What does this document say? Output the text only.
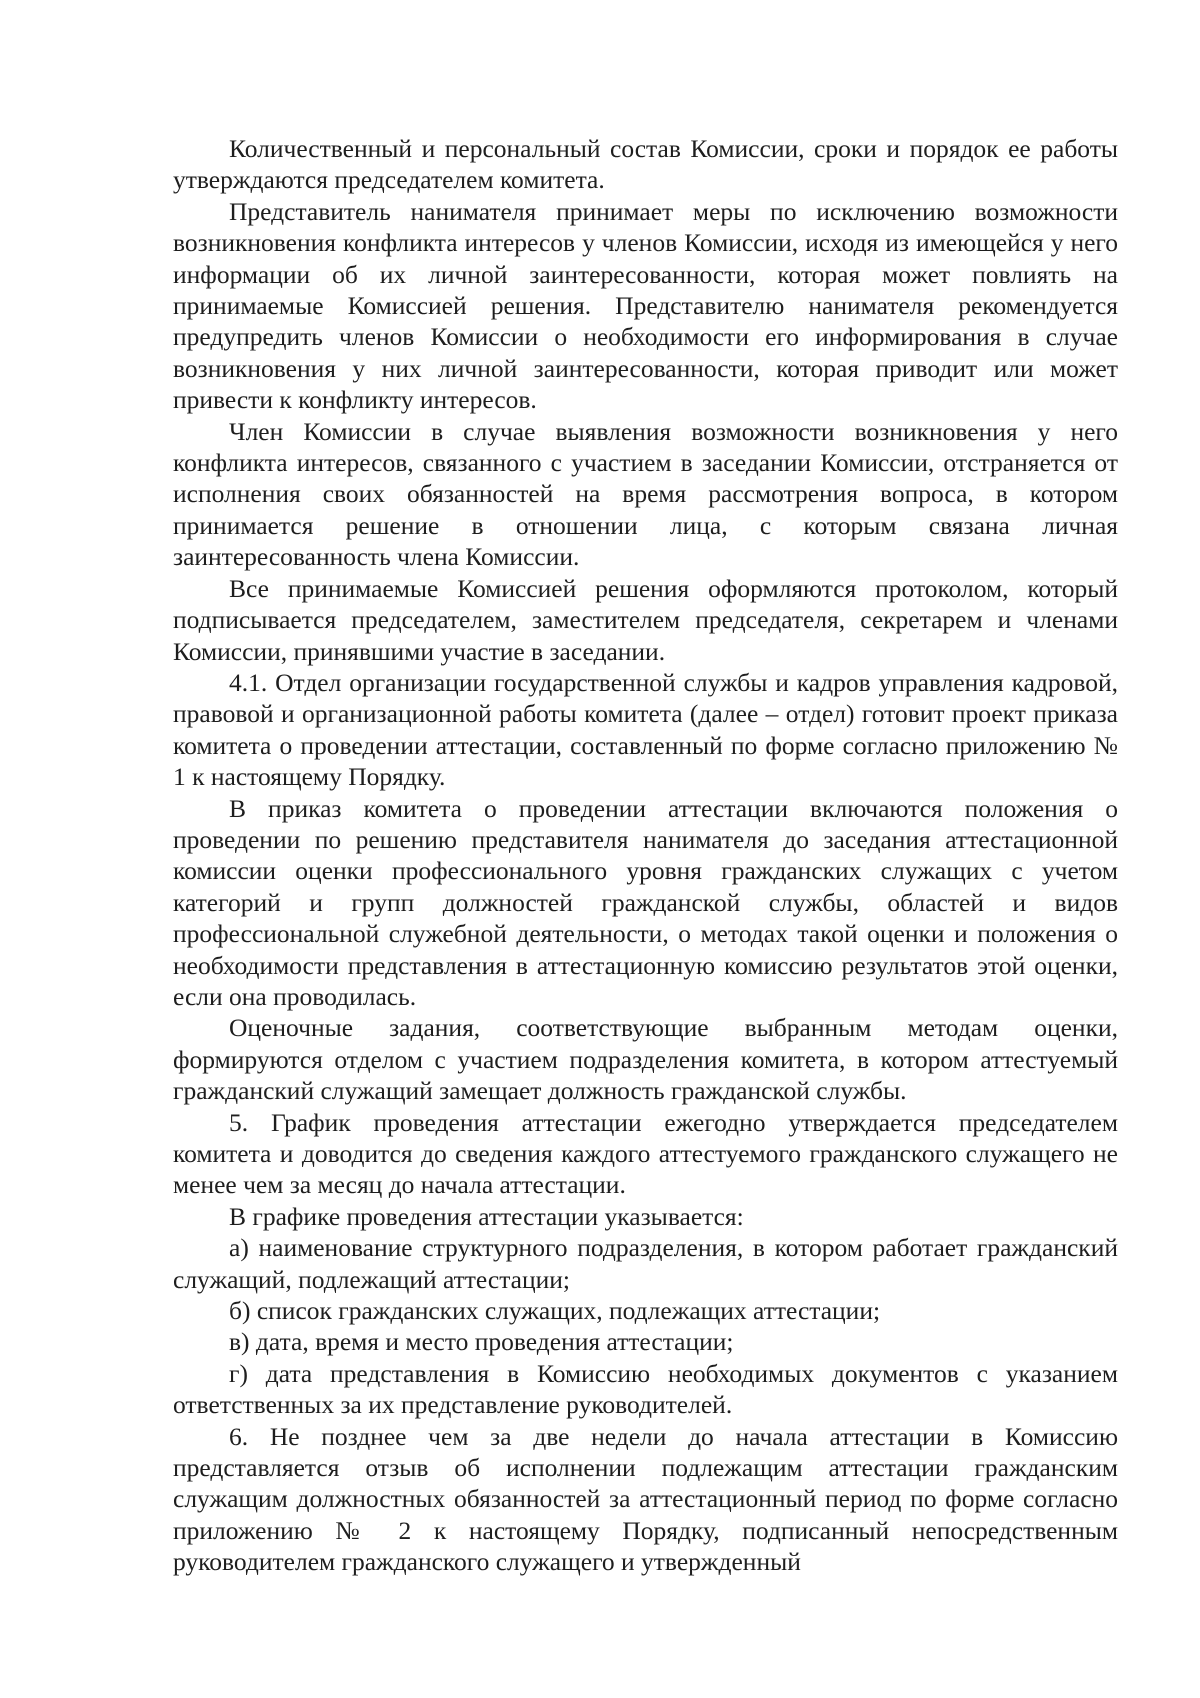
Количественный и персональный состав Комиссии, сроки и порядок ее работы утверждаются председателем комитета.

Представитель нанимателя принимает меры по исключению возможности возникновения конфликта интересов у членов Комиссии, исходя из имеющейся у него информации об их личной заинтересованности, которая может повлиять на принимаемые Комиссией решения. Представителю нанимателя рекомендуется предупредить членов Комиссии о необходимости его информирования в случае возникновения у них личной заинтересованности, которая приводит или может привести к конфликту интересов.

Член Комиссии в случае выявления возможности возникновения у него конфликта интересов, связанного с участием в заседании Комиссии, отстраняется от исполнения своих обязанностей на время рассмотрения вопроса, в котором принимается решение в отношении лица, с которым связана личная заинтересованность члена Комиссии.

Все принимаемые Комиссией решения оформляются протоколом, который подписывается председателем, заместителем председателя, секретарем и членами Комиссии, принявшими участие в заседании.

4.1. Отдел организации государственной службы и кадров управления кадровой, правовой и организационной работы комитета (далее – отдел) готовит проект приказа комитета о проведении аттестации, составленный по форме согласно приложению № 1 к настоящему Порядку.

В приказ комитета о проведении аттестации включаются положения о проведении по решению представителя нанимателя до заседания аттестационной комиссии оценки профессионального уровня гражданских служащих с учетом категорий и групп должностей гражданской службы, областей и видов профессиональной служебной деятельности, о методах такой оценки и положения о необходимости представления в аттестационную комиссию результатов этой оценки, если она проводилась.

Оценочные задания, соответствующие выбранным методам оценки, формируются отделом с участием подразделения комитета, в котором аттестуемый гражданский служащий замещает должность гражданской службы.

5. График проведения аттестации ежегодно утверждается председателем комитета и доводится до сведения каждого аттестуемого гражданского служащего не менее чем за месяц до начала аттестации.

В графике проведения аттестации указывается:

а) наименование структурного подразделения, в котором работает гражданский служащий, подлежащий аттестации;

б) список гражданских служащих, подлежащих аттестации;

в) дата, время и место проведения аттестации;

г) дата представления в Комиссию необходимых документов с указанием ответственных за их представление руководителей.

6. Не позднее чем за две недели до начала аттестации в Комиссию представляется отзыв об исполнении подлежащим аттестации гражданским служащим должностных обязанностей за аттестационный период по форме согласно приложению № 2 к настоящему Порядку, подписанный непосредственным руководителем гражданского служащего и утвержденный
